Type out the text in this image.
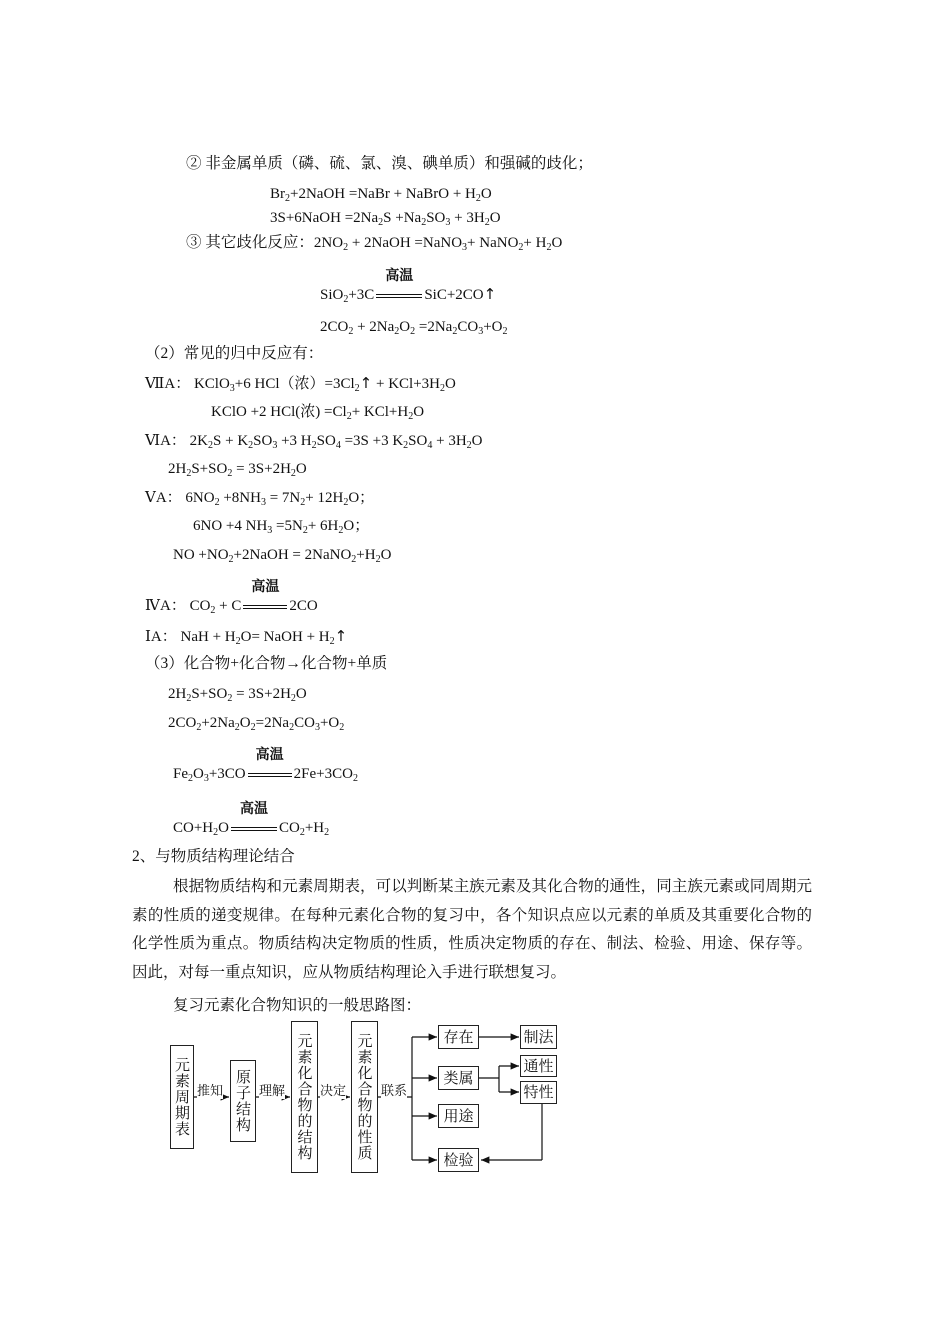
② 非金属单质（磷、硫、氯、溴、碘单质）和强碱的歧化；
$Br_2+2NaOH$ =NaBr + NaBrO + $H_2O$
3S+6NaOH $=2Na_2S +Na_2SO_3 + 3H_2O$
③ 其它歧化反应：$2NO_2$ + 2NaOH =NaNO$_3$+ NaNO$_2$+ $H_2O$
SiO$_2$+3C
高温
SiC+2CO↑
$2CO_2 + 2Na_2O_2 =2Na_2CO_3+O_2$
（2）常见的归中反应有：
ⅦA： KClO$_3$+6 HCl（浓）$=3Cl_2↑ + KCl+3H_2O$
KClO +2 HCl(浓) $=Cl_2+ KCl+H_2O$
ⅥA： $2K_2S + K_2SO_3 +3$ $H_2SO_4 =3S +3$ $K_2SO_4 + 3H_2O$
$2H_2S+SO_2 = 3S+2H_2O$
ⅤA： $6NO_2 +8NH_3 = 7N_2+ 12H_2O$；
6NO +4 $NH_3 =5N_2+ 6H_2O$；
NO $+NO_2+2NaOH$ = $2NaNO_2+H_2O$
ⅣA： $CO_2 + C$
高温
2CO
ⅠA： NaH + $H_2O=$ NaOH + $H_2↑$
（3）化合物+化合物→化合物+单质
$2H_2S+SO_2 = 3S+2H_2O$
$2CO_2+2Na_2O_2=2Na_2CO_3+O_2$
$Fe_2O_3+3CO$
高温
$2Fe+3CO_2$
$CO+H_2O$
高温
$CO_2+H_2$
2、与物质结构理论结合
根据物质结构和元素周期表，可以判断某主族元素及其化合物的通性，同主族元素或同周期元素的性质的递变规律。在每种元素化合物的复习中，各个知识点应以元素的单质及其重要化合物的化学性质为重点。物质结构决定物质的性质，性质决定物质的存在、制法、检验、用途、保存等。因此，对每一重点知识，应从物质结构理论入手进行联想复习。
复习元素化合物知识的一般思路图：
元素周期表	原子结构	元素化合物的结构	元素化合物的性质	存在
类属
用途
检验
制法
通性
特性
推知	理解	决定	联系
